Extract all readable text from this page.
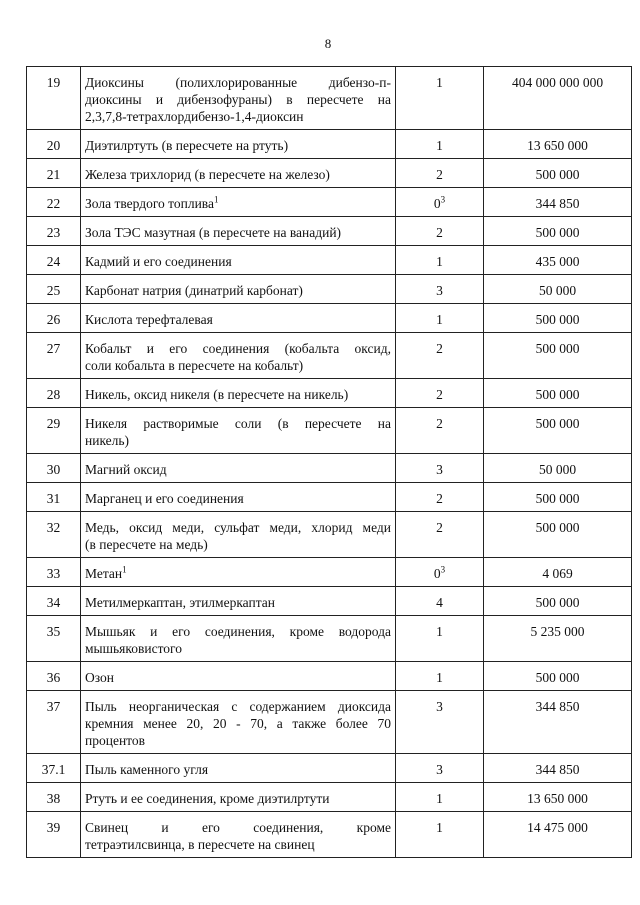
8
19	Диоксины (полихлорированные дибензо-п-
диоксины и дибензофураны) в пересчете на
2,3,7,8-тетрахлордибензо-1,4-диоксин	1	404 000 000 000
20	Диэтилртуть (в пересчете на ртуть)	1	13 650 000
21	Железа трихлорид (в пересчете на железо)	2	500 000
22	Зола твердого топлива$^1$	$0^3$	344 850
23	Зола ТЭС мазутная (в пересчете на ванадий)	2	500 000
24	Кадмий и его соединения	1	435 000
25	Карбонат натрия (динатрий карбонат)	3	50 000
26	Кислота терефталевая	1	500 000
27	Кобальт и его соединения (кобальта оксид,
соли кобальта в пересчете на кобальт)	2	500 000
28	Никель, оксид никеля (в пересчете на никель)	2	500 000
29	Никеля растворимые соли (в пересчете на
никель)	2	500 000
30	Магний оксид	3	50 000
31	Марганец и его соединения	2	500 000
32	Медь, оксид меди, сульфат меди, хлорид меди
(в пересчете на медь)	2	500 000
33	Метан$^1$	$0^3$	4 069
34	Метилмеркаптан, этилмеркаптан	4	500 000
35	Мышьяк и его соединения, кроме водорода
мышьяковистого	1	5 235 000
36	Озон	1	500 000
37	Пыль неорганическая с содержанием диоксида
кремния менее 20, 20 - 70, а также более 70
процентов	3	344 850
37.1	Пыль каменного угля	3	344 850
38	Ртуть и ее соединения, кроме диэтилртути	1	13 650 000
39	Свинец и его соединения, кроме
тетраэтилсвинца, в пересчете на свинец	1	14 475 000
